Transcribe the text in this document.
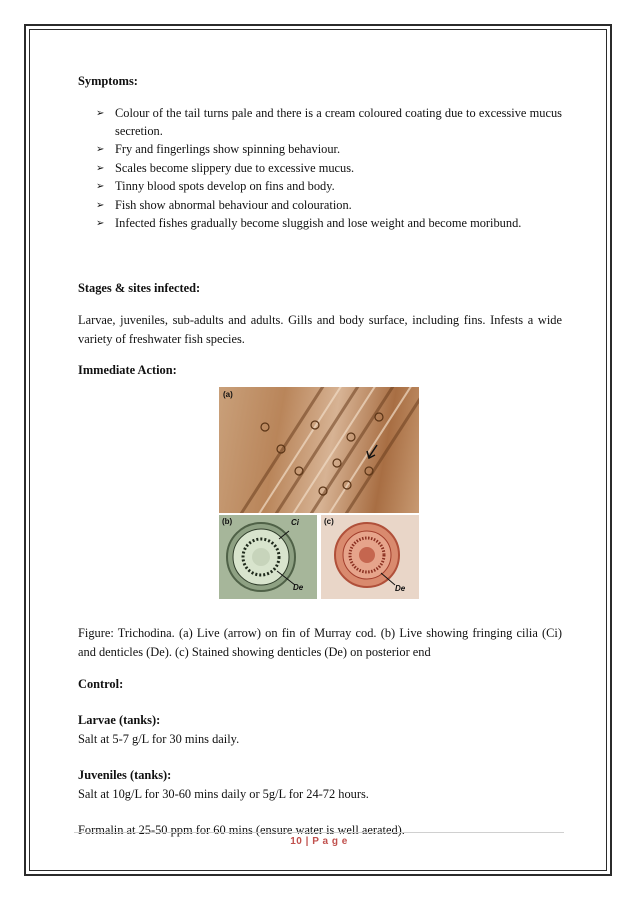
Symptoms:

➢ Colour of the tail turns pale and there is a cream coloured coating due to excessive mucus secretion.
➢ Fry and fingerlings show spinning behaviour.
➢ Scales become slippery due to excessive mucus.
➢ Tinny blood spots develop on fins and body.
➢ Fish show abnormal behaviour and colouration.
➢ Infected fishes gradually become sluggish and lose weight and become moribund.

Stages & sites infected:

Larvae, juveniles, sub-adults and adults. Gills and body surface, including fins. Infests a wide variety of freshwater fish species.

Immediate Action:

(a)
(b)	Ci
De
(c)
De

Figure: Trichodina. (a) Live (arrow) on fin of Murray cod. (b) Live showing fringing cilia (Ci) and denticles (De). (c) Stained showing denticles (De) on posterior end

Control:

Larvae (tanks):

Salt at 5-7 g/L for 30 mins daily.

Juveniles (tanks):

Salt at 10g/L for 30-60 mins daily or 5g/L for 24-72 hours.

Formalin at 25-50 ppm for 60 mins (ensure water is well aerated).

10 | P a g e
